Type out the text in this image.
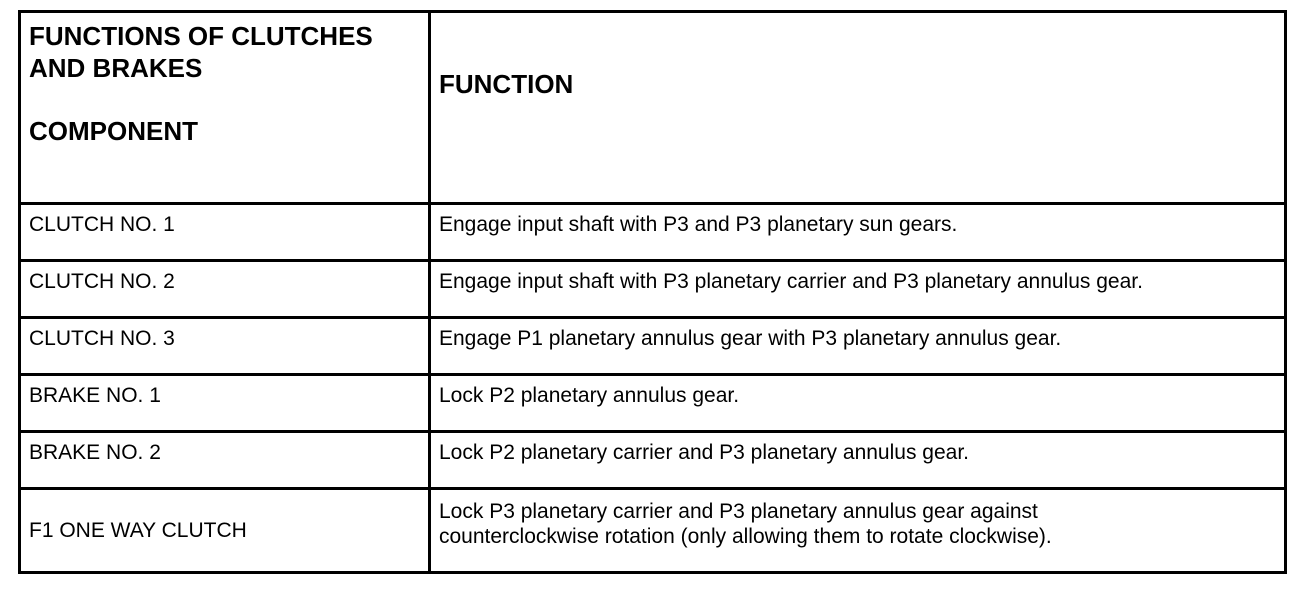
FUNCTIONS OF CLUTCHES
AND BRAKES
COMPONENT	FUNCTION

CLUTCH NO. 1	Engage input shaft with P3 and P3 planetary sun gears.

CLUTCH NO. 2	Engage input shaft with P3 planetary carrier and P3 planetary annulus gear.

CLUTCH NO. 3	Engage P1 planetary annulus gear with P3 planetary annulus gear.

BRAKE NO. 1	Lock P2 planetary annulus gear.

BRAKE NO. 2	Lock P2 planetary carrier and P3 planetary annulus gear.

F1 ONE WAY CLUTCH	Lock P3 planetary carrier and P3 planetary annulus gear against
counterclockwise rotation (only allowing them to rotate clockwise).
